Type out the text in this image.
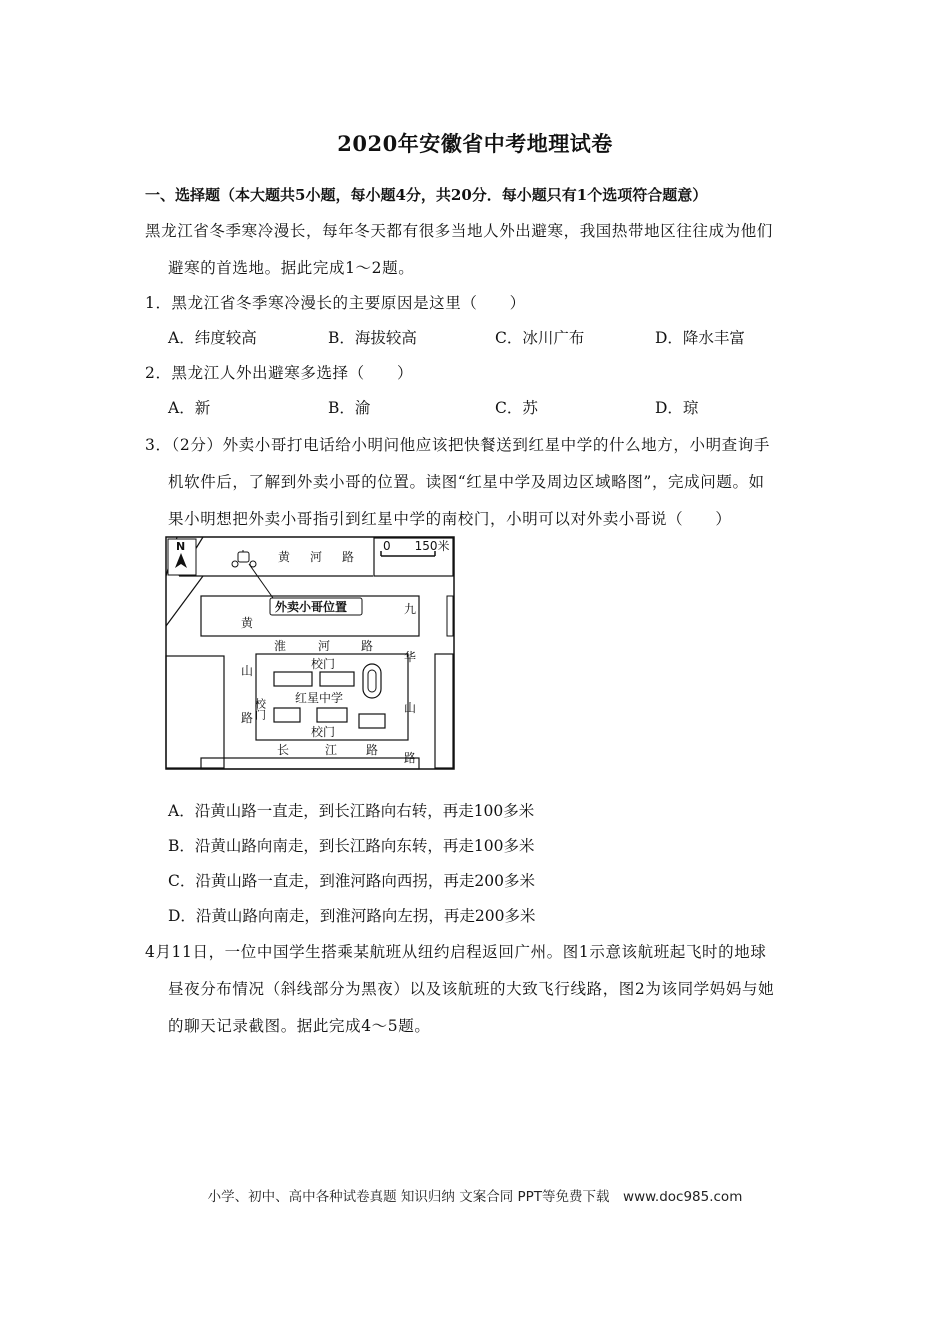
2020年安徽省中考地理试卷
一、选择题（本大题共5小题，每小题4分，共20分．每小题只有1个选项符合题意）
黑龙江省冬季寒冷漫长，每年冬天都有很多当地人外出避寒，我国热带地区往往成为他们
避寒的首选地。据此完成1～2题。
1．黑龙江省冬季寒冷漫长的主要原因是这里（　　）
A．纬度较高	B．海拔较高	C．冰川广布	D．降水丰富
2．黑龙江人外出避寒多选择（　　）
A．新	B．渝	C．苏	D．琼
3．（2分）外卖小哥打电话给小明问他应该把快餐送到红星中学的什么地方，小明查询手
机软件后，了解到外卖小哥的位置。读图“红星中学及周边区域略图”，完成问题。如
果小明想把外卖小哥指引到红星中学的南校门，小明可以对外卖小哥说（　　）
0　　150米
N
外卖小哥位置
黄 河 路
淮	河	路
长	江 路
黄
山
路
九
华
山
路
校门
校门
校门 红星中学
A．沿黄山路一直走，到长江路向右转，再走100多米
B．沿黄山路向南走，到长江路向东转，再走100多米
C．沿黄山路一直走，到淮河路向西拐，再走200多米
D．沿黄山路向南走，到淮河路向左拐，再走200多米
4月11日，一位中国学生搭乘某航班从纽约启程返回广州。图1示意该航班起飞时的地球
昼夜分布情况（斜线部分为黑夜）以及该航班的大致飞行线路，图2为该同学妈妈与她
的聊天记录截图。据此完成4～5题。
小学、初中、高中各种试卷真题 知识归纳 文案合同 PPT等免费下载　www.doc985.com
